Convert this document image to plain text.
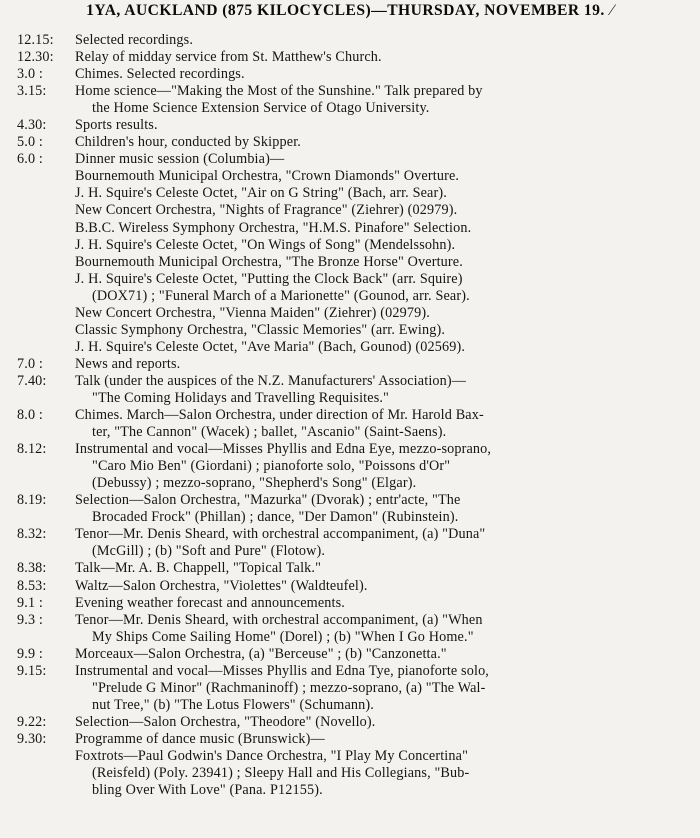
1YA, AUCKLAND (875 KILOCYCLES)—THURSDAY, NOVEMBER 19. ⁄
12.15:	Selected recordings.
12.30:	Relay of midday service from St. Matthew's Church.
3.0 :	Chimes. Selected recordings.
3.15:	Home science—"Making the Most of the Sunshine." Talk prepared by
the Home Science Extension Service of Otago University.
4.30:	Sports results.
5.0 :	Children's hour, conducted by Skipper.
6.0 :	Dinner music session (Columbia)—
Bournemouth Municipal Orchestra, "Crown Diamonds" Overture.
J. H. Squire's Celeste Octet, "Air on G String" (Bach, arr. Sear).
New Concert Orchestra, "Nights of Fragrance" (Ziehrer) (02979).
B.B.C. Wireless Symphony Orchestra, "H.M.S. Pinafore" Selection.
J. H. Squire's Celeste Octet, "On Wings of Song" (Mendelssohn).
Bournemouth Municipal Orchestra, "The Bronze Horse" Overture.
J. H. Squire's Celeste Octet, "Putting the Clock Back" (arr. Squire)
(DOX71) ; "Funeral March of a Marionette" (Gounod, arr. Sear).
New Concert Orchestra, "Vienna Maiden" (Ziehrer) (02979).
Classic Symphony Orchestra, "Classic Memories" (arr. Ewing).
J. H. Squire's Celeste Octet, "Ave Maria" (Bach, Gounod) (02569).
7.0 :	News and reports.
7.40:	Talk (under the auspices of the N.Z. Manufacturers' Association)—
"The Coming Holidays and Travelling Requisites."
8.0 :	Chimes. March—Salon Orchestra, under direction of Mr. Harold Bax-
ter, "The Cannon" (Wacek) ; ballet, "Ascanio" (Saint-Saens).
8.12:	Instrumental and vocal—Misses Phyllis and Edna Eye, mezzo-soprano,
"Caro Mio Ben" (Giordani) ; pianoforte solo, "Poissons d'Or"
(Debussy) ; mezzo-soprano, "Shepherd's Song" (Elgar).
8.19:	Selection—Salon Orchestra, "Mazurka" (Dvorak) ; entr'acte, "The
Brocaded Frock" (Phillan) ; dance, "Der Damon" (Rubinstein).
8.32:	Tenor—Mr. Denis Sheard, with orchestral accompaniment, (a) "Duna"
(McGill) ; (b) "Soft and Pure" (Flotow).
8.38:	Talk—Mr. A. B. Chappell, "Topical Talk."
8.53:	Waltz—Salon Orchestra, "Violettes" (Waldteufel).
9.1 :	Evening weather forecast and announcements.
9.3 :	Tenor—Mr. Denis Sheard, with orchestral accompaniment, (a) "When
My Ships Come Sailing Home" (Dorel) ; (b) "When I Go Home."
9.9 :	Morceaux—Salon Orchestra, (a) "Berceuse" ; (b) "Canzonetta."
9.15:	Instrumental and vocal—Misses Phyllis and Edna Tye, pianoforte solo,
"Prelude G Minor" (Rachmaninoff) ; mezzo-soprano, (a) "The Wal-
nut Tree," (b) "The Lotus Flowers" (Schumann).
9.22:	Selection—Salon Orchestra, "Theodore" (Novello).
9.30:	Programme of dance music (Brunswick)—
Foxtrots—Paul Godwin's Dance Orchestra, "I Play My Concertina"
(Reisfeld) (Poly. 23941) ; Sleepy Hall and His Collegians, "Bub-
bling Over With Love" (Pana. P12155).
